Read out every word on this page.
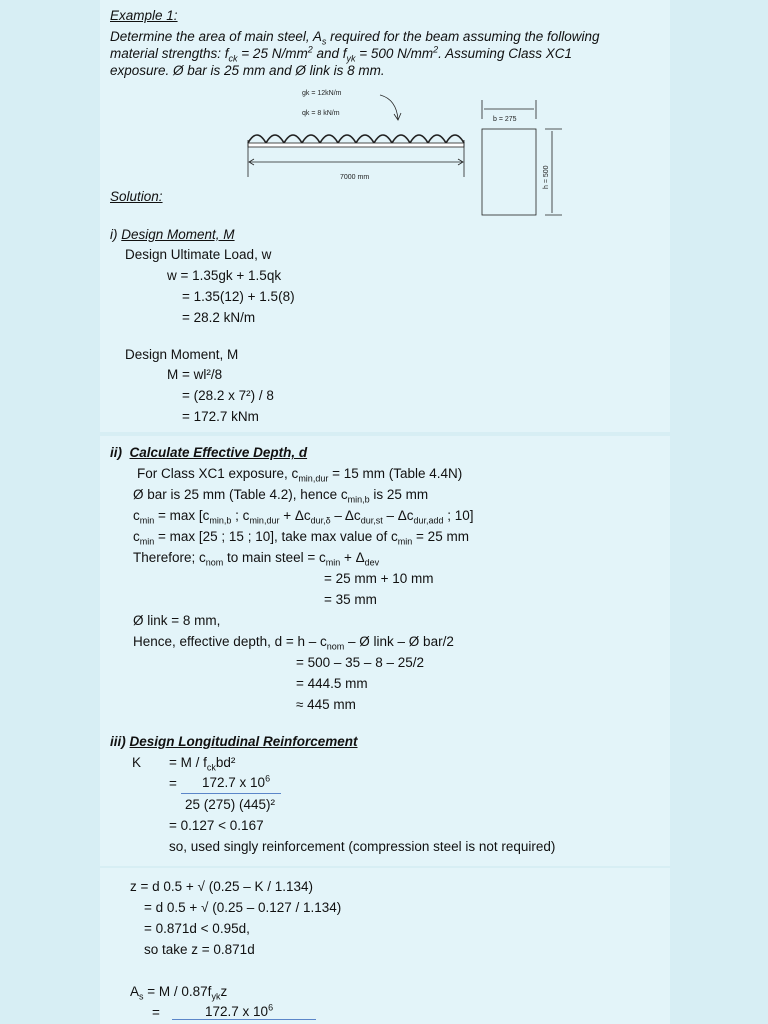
Example 1:
Determine the area of main steel, $A_s$ required for the beam assuming the following
material strengths: $f_{ck} = 25$ $N/mm^2$ and $f_{yk} = 500$ $N/mm^2$. Assuming Class XC1
exposure. Ø bar is 25 mm and Ø link is 8 mm.
gk = 12kN/m
qk = 8 kN/m
7000 mm
b = 275
h = 500
Solution:
i) Design Moment, M
Design Ultimate Load, w
w = 1.35gk + 1.5qk
= 1.35(12) + 1.5(8)
= 28.2 kN/m
Design Moment, M
M = wl²/8
= (28.2 x 7²) / 8
= 172.7 kNm
ii) Calculate Effective Depth, d
For Class XC1 exposure, $c_{min,dur} = 15$ mm (Table 4.4N)
Ø bar is 25 mm (Table 4.2), hence $c_{min,b}$ is 25 mm
$c_{min} = \max [c_{min,b}$ ; $c_{min,dur} + \Delta c_{dur,\delta} - \Delta c_{dur,st} - \Delta c_{dur,add}$ ; 10]
$c_{min} = \max [25$ ; 15 ; 10], take max value of $c_{min} = 25$ mm
Therefore; $c_{nom}$ to main steel = $c_{min} + \Delta_{dev}$
= 25 mm + 10 mm
= 35 mm
Ø link = 8 mm,
Hence, effective depth, $d = h - c_{nom}$ – Ø link – Ø bar/2
= 500 – 35 – 8 – 25/2
= 444.5 mm
≈ 445 mm
iii) Design Longitudinal Reinforcement
$K = M / f_{ck}bd^2$
= 172.7 x $10^6$
25 (275) (445)²
= 0.127 < 0.167
so, used singly reinforcement (compression steel is not required)
z = d 0.5 + √ (0.25 – K / 1.134)
= d 0.5 + √ (0.25 – 0.127 / 1.134)
= 0.871d < 0.95d,
so take z = 0.871d
$A_s = M / 0.87f_{yk}z$
=	172.7 x $10^6$
